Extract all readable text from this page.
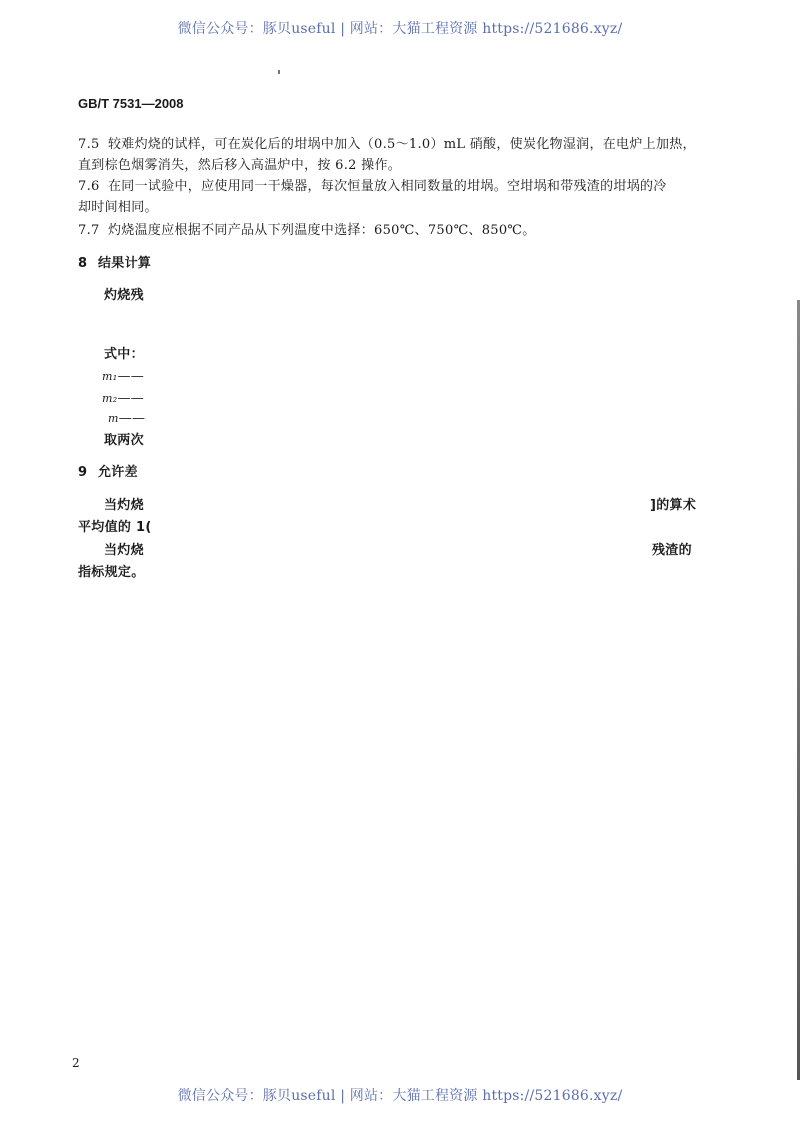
微信公众号：豚贝useful | 网站：大猫工程资源 https://521686.xyz/
GB/T 7531—2008
7.5 较难灼烧的试样，可在炭化后的坩埚中加入（0.5～1.0）mL 硝酸，使炭化物湿润，在电炉上加热，
直到棕色烟雾消失，然后移入高温炉中，按 6.2 操作。
7.6 在同一试验中，应使用同一干燥器，每次恒量放入相同数量的坩埚。空坩埚和带残渣的坩埚的冷
却时间相同。
7.7 灼烧温度应根据不同产品从下列温度中选择：650℃、750℃、850℃。
8 结果计算
灼烧残
式中：
m₁——
m₂——
m——
取两次
9 允许差
当灼烧	]的算术
平均值的 1(
当灼烧	残渣的
指标规定。
2
微信公众号：豚贝useful | 网站：大猫工程资源 https://521686.xyz/
